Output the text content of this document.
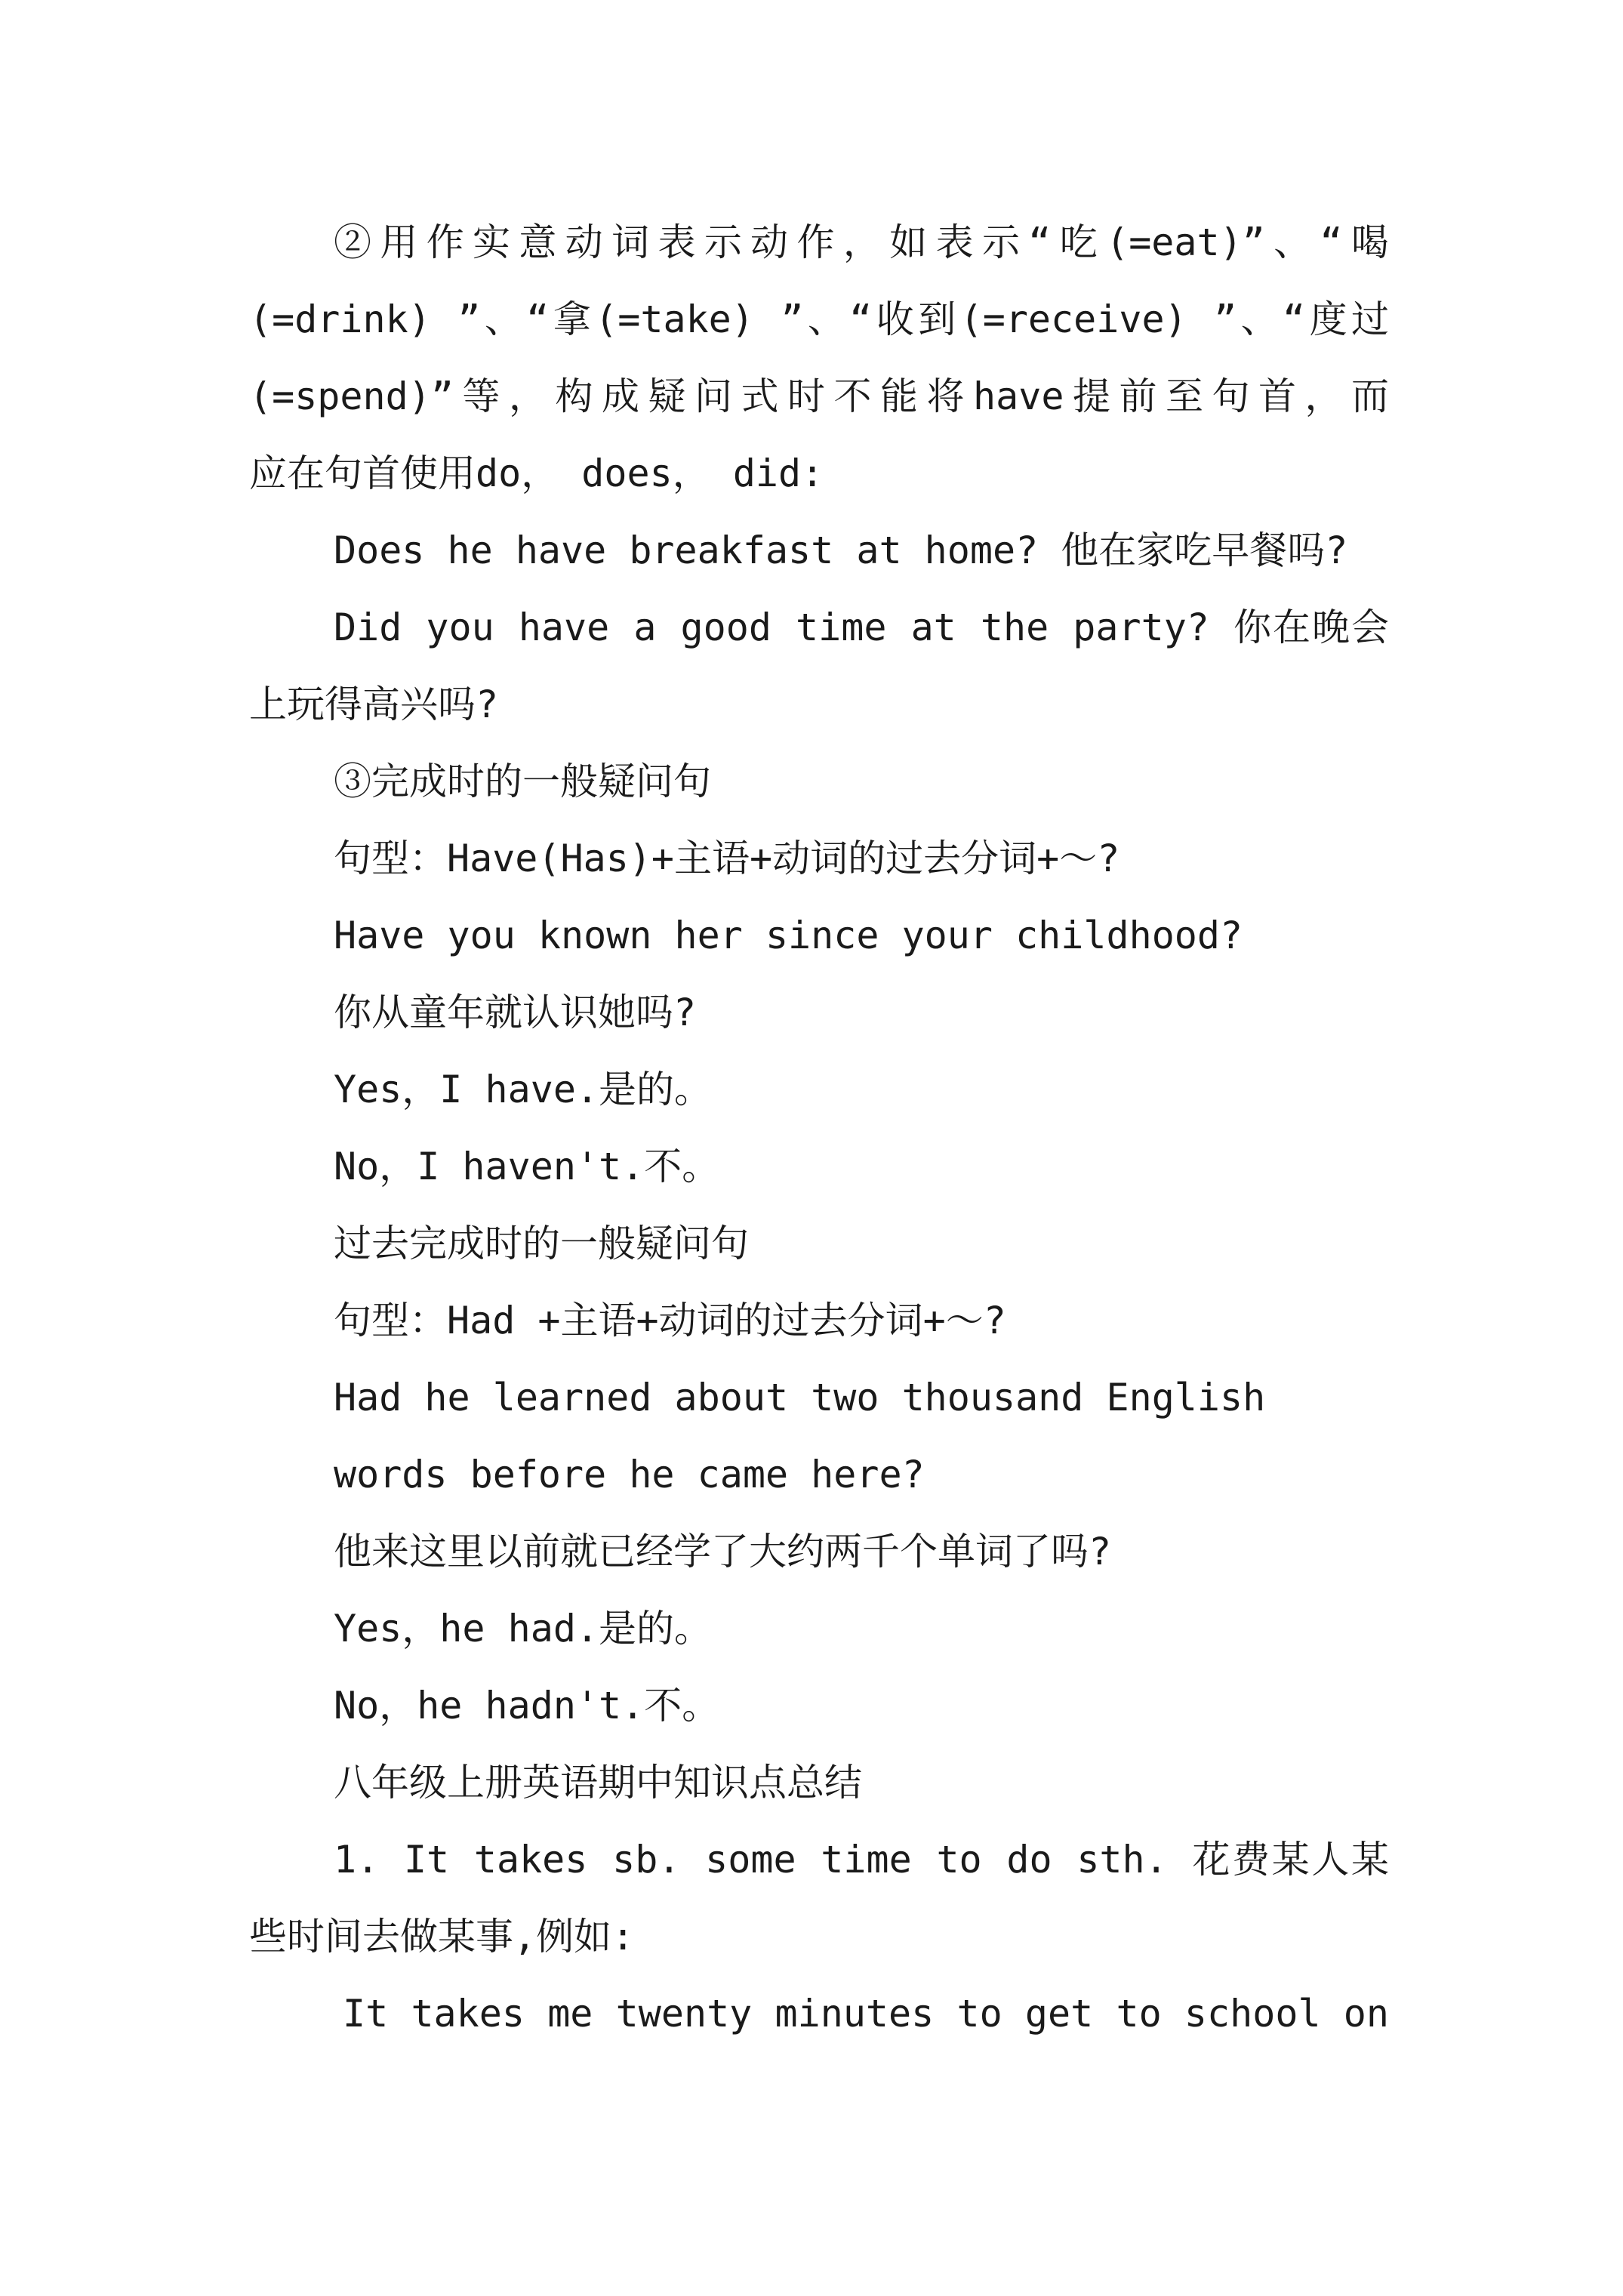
②用作实意动词表示动作，如表示“吃(=eat)”、“喝
(=drink) ”、“拿(=take) ”、“收到(=receive) ”、“度过
(=spend)”等，构成疑问式时不能将have提前至句首，而
应在句首使用do， does， did:
Does he have breakfast at home? 他在家吃早餐吗?
Did you have a good time at the party? 你在晚会
上玩得高兴吗?
③完成时的一般疑问句
句型：Have(Has)+主语+动词的过去分词+～?
Have you known her since your childhood?
你从童年就认识她吗?
Yes，I have.是的。
No，I haven't.不。
过去完成时的一般疑问句
句型：Had +主语+动词的过去分词+～?
Had he learned about two thousand English
words before he came here?
他来这里以前就已经学了大约两千个单词了吗?
Yes，he had.是的。
No，he hadn't.不。
八年级上册英语期中知识点总结
1. It takes sb. some time to do sth. 花费某人某
些时间去做某事,例如:
It takes me twenty minutes to get to school on
